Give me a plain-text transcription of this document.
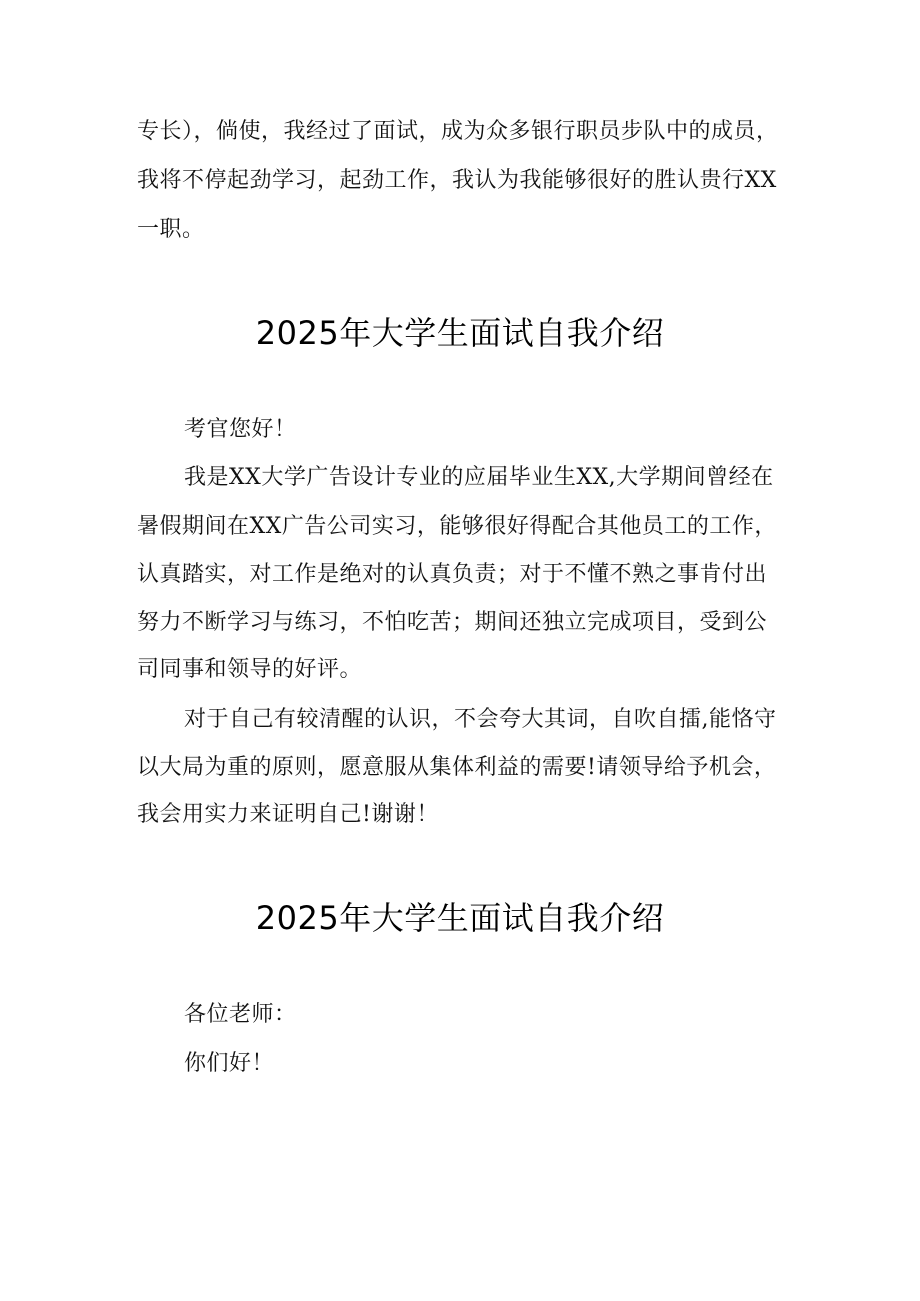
专长），倘使，我经过了面试，成为众多银行职员步队中的成员，
我将不停起劲学习，起劲工作，我认为我能够很好的胜认贵行XX
一职。
2025年大学生面试自我介绍
考官您好！
我是XX大学广告设计专业的应届毕业生XX,大学期间曾经在
暑假期间在XX广告公司实习，能够很好得配合其他员工的工作，
认真踏实，对工作是绝对的认真负责；对于不懂不熟之事肯付出
努力不断学习与练习，不怕吃苦；期间还独立完成项目，受到公
司同事和领导的好评。
对于自己有较清醒的认识，不会夸大其词，自吹自擂,能恪守
以大局为重的原则，愿意服从集体利益的需要!请领导给予机会，
我会用实力来证明自己!谢谢！
2025年大学生面试自我介绍
各位老师：
你们好！
